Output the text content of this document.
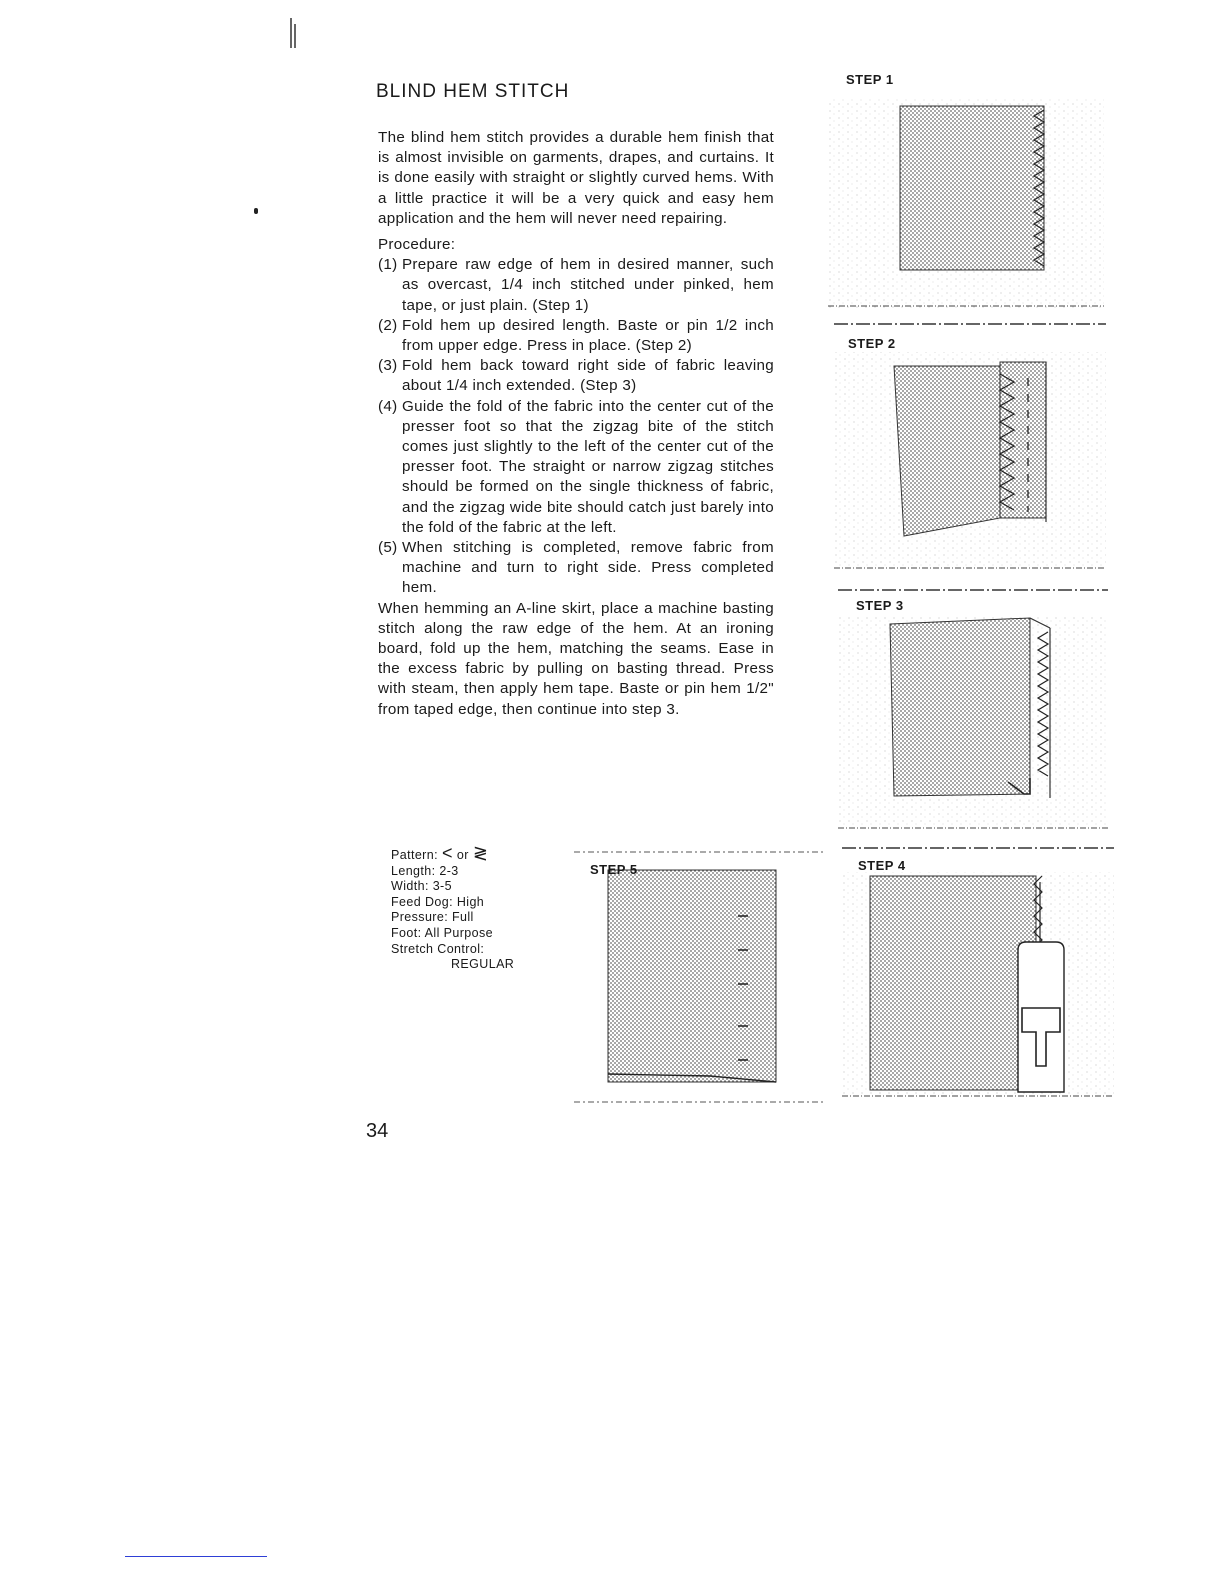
BLIND HEM STITCH

The blind hem stitch provides a durable hem finish that is almost invisible on garments, drapes, and curtains. It is done easily with straight or slightly curved hems. With a little practice it will be a very quick and easy hem application and the hem will never need repairing.

Procedure:

(1) Prepare raw edge of hem in desired manner, such as overcast, 1/4 inch stitched under pinked, hem tape, or just plain. (Step 1)
(2) Fold hem up desired length. Baste or pin 1/2 inch from upper edge. Press in place. (Step 2)
(3) Fold hem back toward right side of fabric leaving about 1/4 inch extended. (Step 3)
(4) Guide the fold of the fabric into the center cut of the presser foot so that the zigzag bite of the stitch comes just slightly to the left of the center cut of the presser foot. The straight or narrow zigzag stitches should be formed on the single thickness of fabric, and the zigzag wide bite should catch just barely into the fold of the fabric at the left.
(5) When stitching is completed, remove fabric from machine and turn to right side. Press completed hem.

When hemming an A-line skirt, place a machine basting stitch along the raw edge of the hem. At an ironing board, fold up the hem, matching the seams. Ease in the excess fabric by pulling on basting thread. Press with steam, then apply hem tape. Baste or pin hem 1/2" from taped edge, then continue into step 3.

Pattern: < or ≷
Length: 2-3
Width: 3-5
Feed Dog: High
Pressure: Full
Foot: All Purpose
Stretch Control:
REGULAR
STEP 1
STEP 2
STEP 3
STEP 4
STEP 5
34
